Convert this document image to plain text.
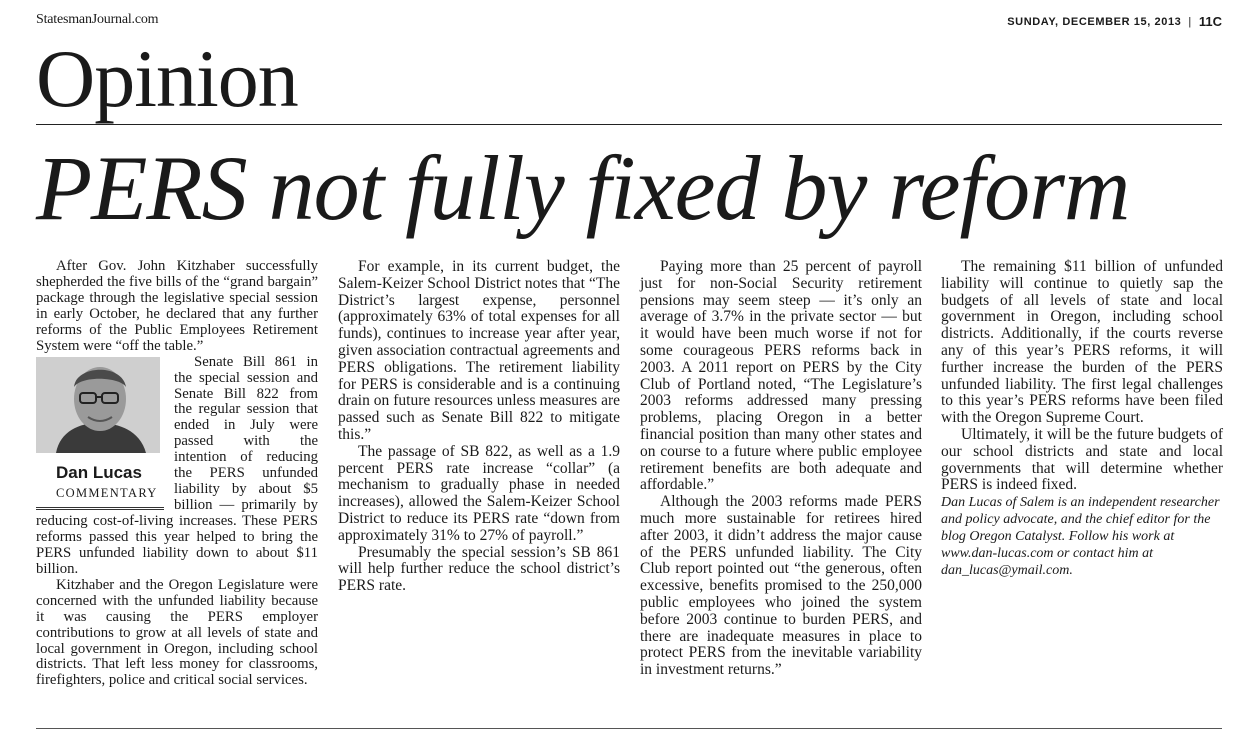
StatesmanJournal.com	SUNDAY, DECEMBER 15, 2013 | 11C
Opinion
PERS not fully fixed by reform

After Gov. John Kitzhaber successfully shepherded the five bills of the “grand bargain” package through the legislative special session in early October, he declared that any further reforms of the Public Employees Retirement System were “off the table.”

Dan Lucas
COMMENTARY
Senate Bill 861 in the special session and Senate Bill 822 from the regular session that ended in July were passed with the intention of reducing the PERS unfunded liability by about $5 billion — primarily by reducing cost-of-living increases. These PERS reforms passed this year helped to bring the PERS unfunded liability down to about $11 billion.

Kitzhaber and the Oregon Legislature were concerned with the unfunded liability because it was causing the PERS employer contributions to grow at all levels of state and local government in Oregon, including school districts. That left less money for classrooms, firefighters, police and critical social services.

For example, in its current budget, the Salem-Keizer School District notes that “The District’s largest expense, personnel (approximately 63% of total expenses for all funds), continues to increase year after year, given association contractual agreements and PERS obligations. The retirement liability for PERS is considerable and is a continuing drain on future resources unless measures are passed such as Senate Bill 822 to mitigate this.”

The passage of SB 822, as well as a 1.9 percent PERS rate increase “collar” (a mechanism to gradually phase in needed increases), allowed the Salem-Keizer School District to reduce its PERS rate “down from approximately 31% to 27% of payroll.”

Presumably the special session’s SB 861 will help further reduce the school district’s PERS rate.

Paying more than 25 percent of payroll just for non-Social Security retirement pensions may seem steep — it’s only an average of 3.7% in the private sector — but it would have been much worse if not for some courageous PERS reforms back in 2003. A 2011 report on PERS by the City Club of Portland noted, “The Legislature’s 2003 reforms addressed many pressing problems, placing Oregon in a better financial position than many other states and on course to a future where public employee retirement benefits are both adequate and affordable.”

Although the 2003 reforms made PERS much more sustainable for retirees hired after 2003, it didn’t address the major cause of the PERS unfunded liability. The City Club report pointed out “the generous, often excessive, benefits promised to the 250,000 public employees who joined the system before 2003 continue to burden PERS, and there are inadequate measures in place to protect PERS from the inevitable variability in investment returns.”

The remaining $11 billion of unfunded liability will continue to quietly sap the budgets of all levels of state and local government in Oregon, including school districts. Additionally, if the courts reverse any of this year’s PERS reforms, it will further increase the burden of the PERS unfunded liability. The first legal challenges to this year’s PERS reforms have been filed with the Oregon Supreme Court.

Ultimately, it will be the future budgets of our school districts and state and local governments that will determine whether PERS is indeed fixed.

Dan Lucas of Salem is an independent researcher and policy advocate, and the chief editor for the blog Oregon Catalyst. Follow his work at www.dan-lucas.com or contact him at dan_lucas@ymail.com.
